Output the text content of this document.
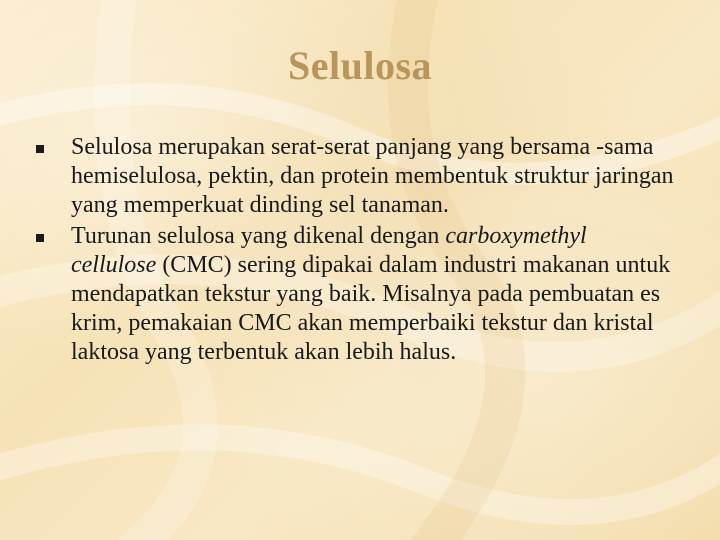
Selulosa
Selulosa merupakan serat-serat panjang yang bersama -sama hemiselulosa, pektin, dan protein membentuk struktur jaringan yang memperkuat dinding sel tanaman.
Turunan selulosa yang dikenal dengan carboxymethyl cellulose (CMC) sering dipakai dalam industri makanan untuk mendapatkan tekstur yang baik. Misalnya pada pembuatan es krim, pemakaian CMC akan memperbaiki tekstur dan kristal laktosa yang terbentuk akan lebih halus.
